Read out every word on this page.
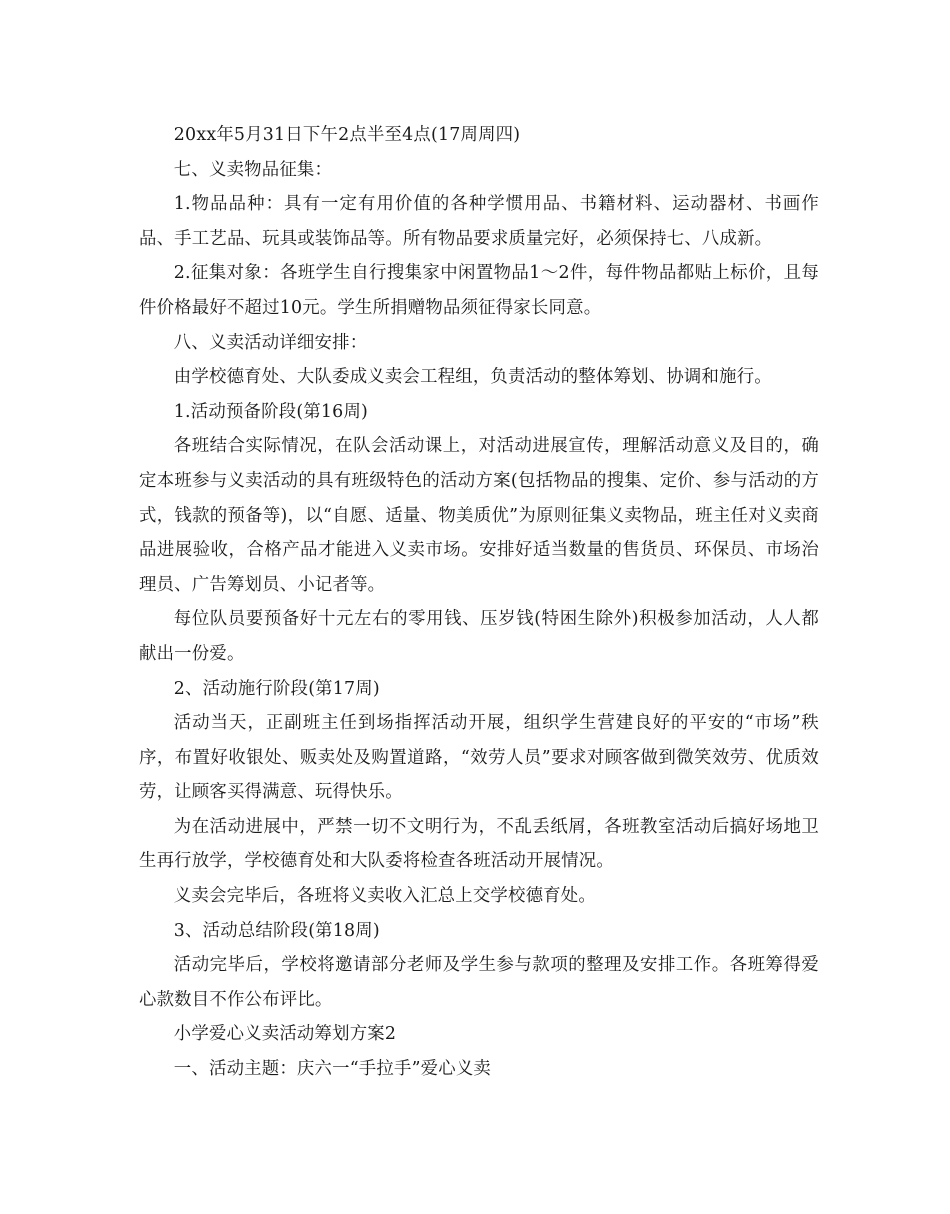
20xx年5月31日下午2点半至4点(17周周四)

七、义卖物品征集：

1.物品品种：具有一定有用价值的各种学惯用品、书籍材料、运动器材、书画作品、手工艺品、玩具或装饰品等。所有物品要求质量完好，必须保持七、八成新。

2.征集对象：各班学生自行搜集家中闲置物品1～2件，每件物品都贴上标价，且每件价格最好不超过10元。学生所捐赠物品须征得家长同意。

八、义卖活动详细安排：

由学校德育处、大队委成义卖会工程组，负责活动的整体筹划、协调和施行。

1.活动预备阶段(第16周)

各班结合实际情况，在队会活动课上，对活动进展宣传，理解活动意义及目的，确定本班参与义卖活动的具有班级特色的活动方案(包括物品的搜集、定价、参与活动的方式，钱款的预备等)，以“自愿、适量、物美质优”为原则征集义卖物品，班主任对义卖商品进展验收，合格产品才能进入义卖市场。安排好适当数量的售货员、环保员、市场治理员、广告筹划员、小记者等。

每位队员要预备好十元左右的零用钱、压岁钱(特困生除外)积极参加活动，人人都献出一份爱。

2、活动施行阶段(第17周)

活动当天，正副班主任到场指挥活动开展，组织学生营建良好的平安的“市场”秩序，布置好收银处、贩卖处及购置道路，“效劳人员”要求对顾客做到微笑效劳、优质效劳，让顾客买得满意、玩得快乐。

为在活动进展中，严禁一切不文明行为，不乱丢纸屑，各班教室活动后搞好场地卫生再行放学，学校德育处和大队委将检查各班活动开展情况。

义卖会完毕后，各班将义卖收入汇总上交学校德育处。

3、活动总结阶段(第18周)

活动完毕后，学校将邀请部分老师及学生参与款项的整理及安排工作。各班筹得爱心款数目不作公布评比。

小学爱心义卖活动筹划方案2

一、活动主题：庆六一“手拉手”爱心义卖
